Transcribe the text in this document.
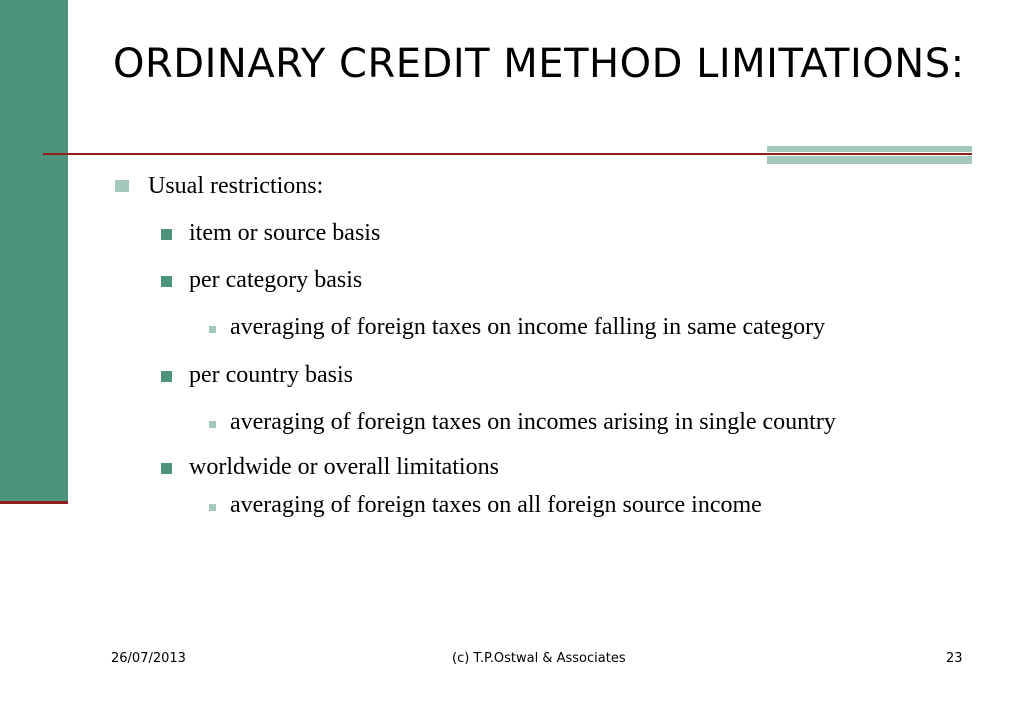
ORDINARY CREDIT METHOD LIMITATIONS:
Usual restrictions:
item or source basis
per category basis
averaging of foreign taxes on income falling in same category
per country basis
averaging of foreign taxes on incomes arising in single country
worldwide or overall limitations
averaging of foreign taxes on all foreign source income
26/07/2013	(c) T.P.Ostwal & Associates	23
